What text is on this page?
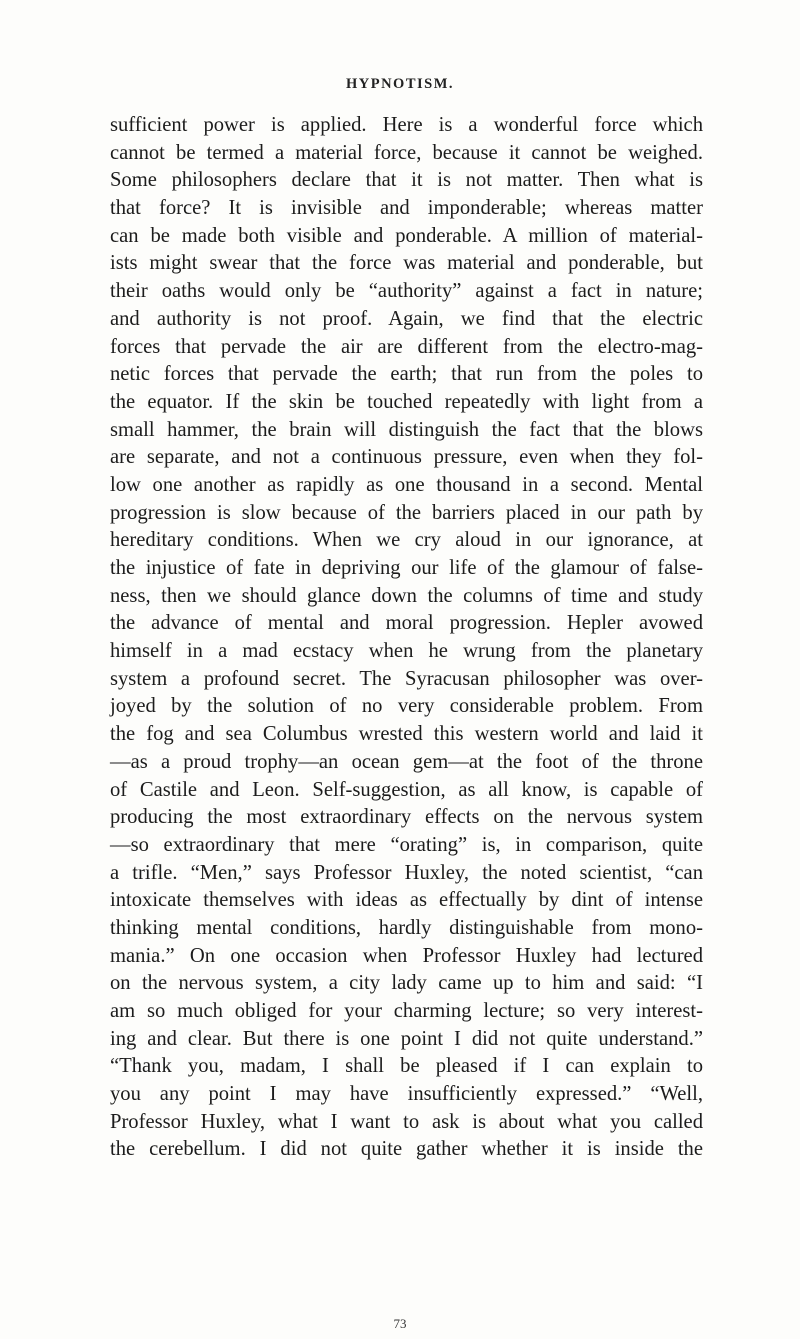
HYPNOTISM.
sufficient power is applied. Here is a wonderful force which
cannot be termed a material force, because it cannot be weighed.
Some philosophers declare that it is not matter. Then what is
that force? It is invisible and imponderable; whereas matter
can be made both visible and ponderable. A million of material-
ists might swear that the force was material and ponderable, but
their oaths would only be “authority” against a fact in nature;
and authority is not proof. Again, we find that the electric
forces that pervade the air are different from the electro-mag-
netic forces that pervade the earth; that run from the poles to
the equator. If the skin be touched repeatedly with light from a
small hammer, the brain will distinguish the fact that the blows
are separate, and not a continuous pressure, even when they fol-
low one another as rapidly as one thousand in a second. Mental
progression is slow because of the barriers placed in our path by
hereditary conditions. When we cry aloud in our ignorance, at
the injustice of fate in depriving our life of the glamour of false-
ness, then we should glance down the columns of time and study
the advance of mental and moral progression. Hepler avowed
himself in a mad ecstacy when he wrung from the planetary
system a profound secret. The Syracusan philosopher was over-
joyed by the solution of no very considerable problem. From
the fog and sea Columbus wrested this western world and laid it
—as a proud trophy—an ocean gem—at the foot of the throne
of Castile and Leon. Self-suggestion, as all know, is capable of
producing the most extraordinary effects on the nervous system
—so extraordinary that mere “orating” is, in comparison, quite
a trifle. “Men,” says Professor Huxley, the noted scientist, “can
intoxicate themselves with ideas as effectually by dint of intense
thinking mental conditions, hardly distinguishable from mono-
mania.” On one occasion when Professor Huxley had lectured
on the nervous system, a city lady came up to him and said: “I
am so much obliged for your charming lecture; so very interest-
ing and clear. But there is one point I did not quite understand.”
“Thank you, madam, I shall be pleased if I can explain to
you any point I may have insufficiently expressed.” “Well,
Professor Huxley, what I want to ask is about what you called
the cerebellum. I did not quite gather whether it is inside the
73
